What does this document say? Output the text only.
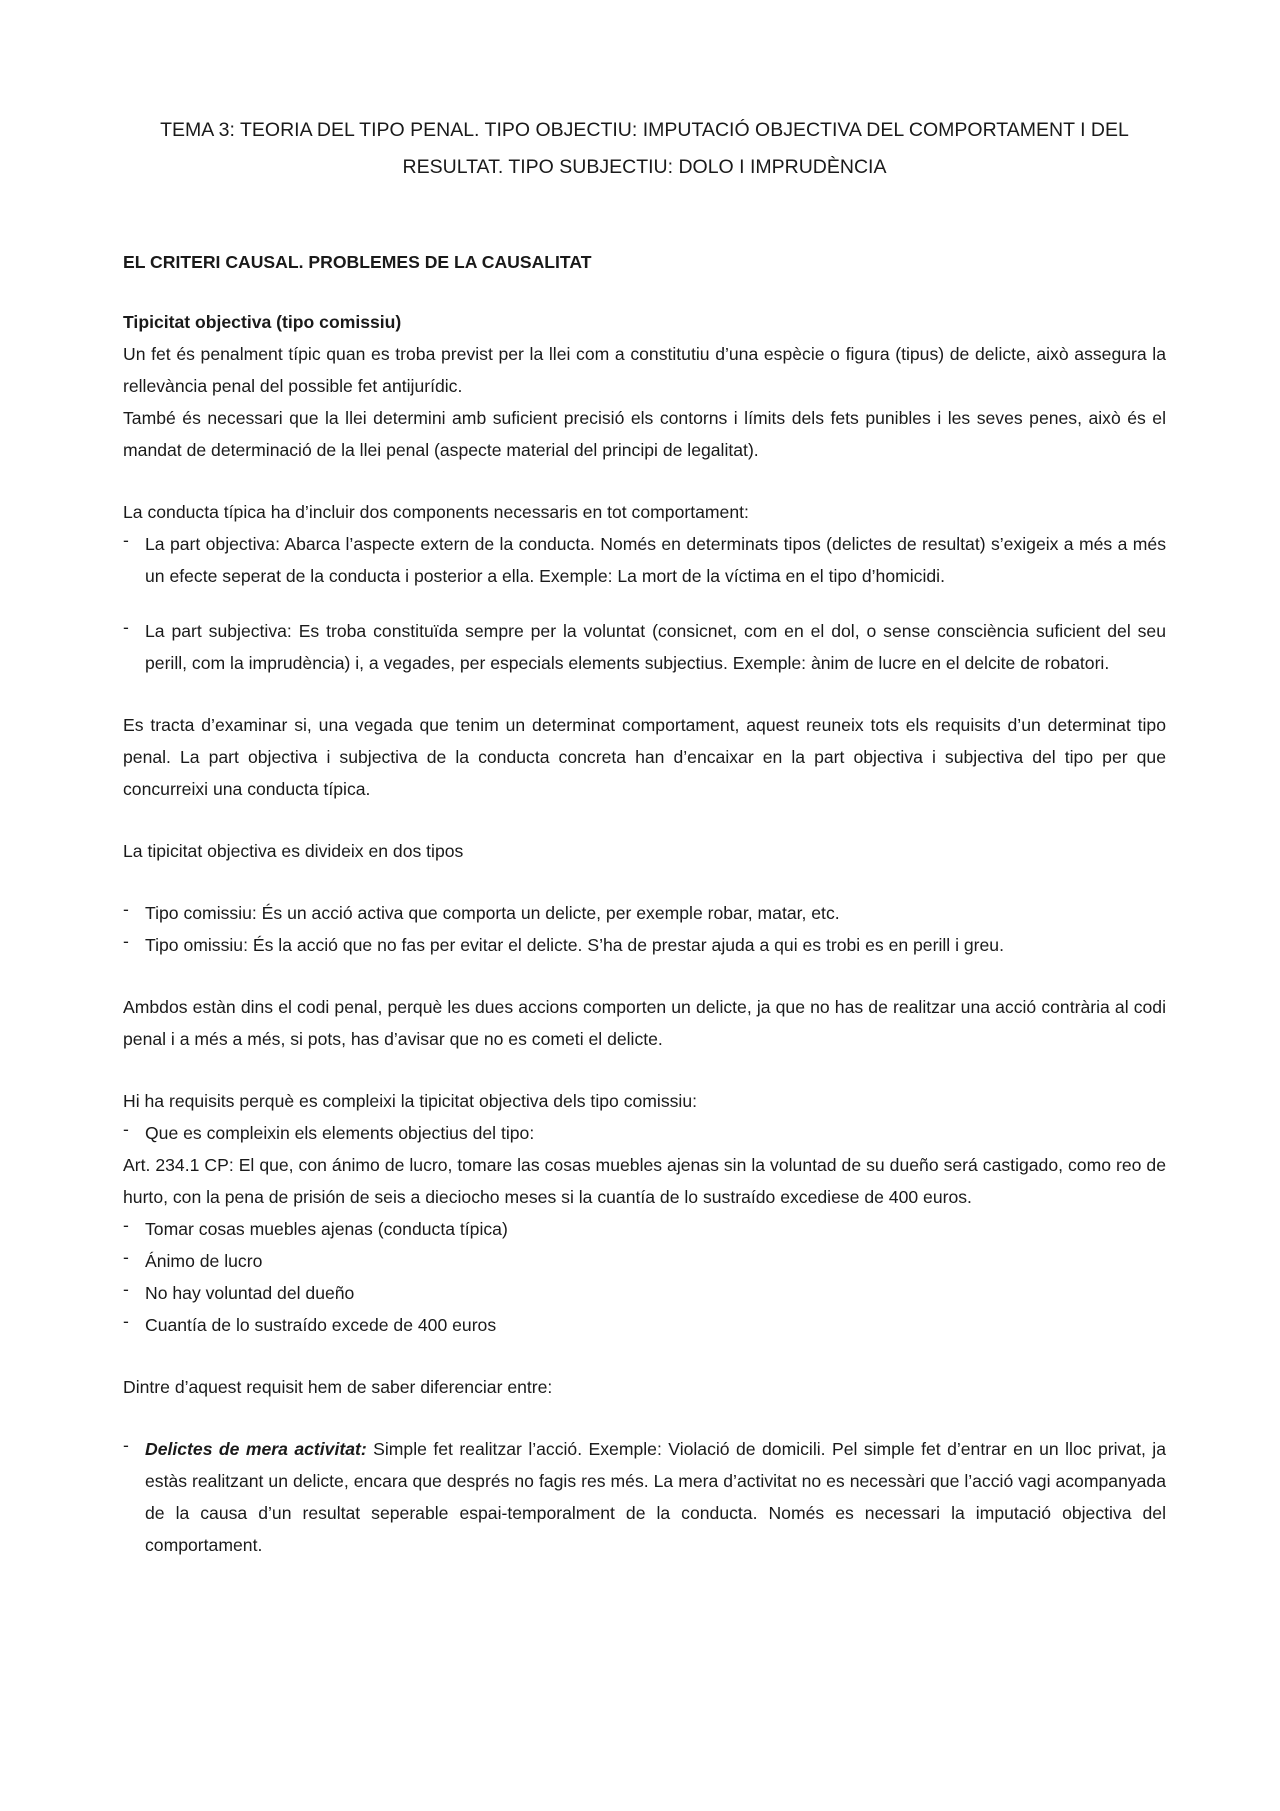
TEMA 3: TEORIA DEL TIPO PENAL. TIPO OBJECTIU: IMPUTACIÓ OBJECTIVA DEL COMPORTAMENT I DEL RESULTAT. TIPO SUBJECTIU: DOLO I IMPRUDÈNCIA
EL CRITERI CAUSAL. PROBLEMES DE LA CAUSALITAT
Tipicitat objectiva (tipo comissiu)

Un fet és penalment típic quan es troba previst per la llei com a constitutiu d’una espècie o figura (tipus) de delicte, això assegura la rellevància penal del possible fet antijurídic.

També és necessari que la llei determini amb suficient precisió els contorns i límits dels fets punibles i les seves penes, això és el mandat de determinació de la llei penal (aspecte material del principi de legalitat).

La conducta típica ha d’incluir dos components necessaris en tot comportament:

- La part objectiva: Abarca l’aspecte extern de la conducta. Només en determinats tipos (delictes de resultat) s’exigeix a més a més un efecte seperat de la conducta i posterior a ella. Exemple: La mort de la víctima en el tipo d’homicidi.
- La part subjectiva: Es troba constituïda sempre per la voluntat (consicnet, com en el dol, o sense consciència suficient del seu perill, com la imprudència) i, a vegades, per especials elements subjectius. Exemple: ànim de lucre en el delcite de robatori.

Es tracta d’examinar si, una vegada que tenim un determinat comportament, aquest reuneix tots els requisits d’un determinat tipo penal. La part objectiva i subjectiva de la conducta concreta han d’encaixar en la part objectiva i subjectiva del tipo per que concurreixi una conducta típica.

La tipicitat objectiva es divideix en dos tipos

- Tipo comissiu: És un acció activa que comporta un delicte, per exemple robar, matar, etc.
- Tipo omissiu: És la acció que no fas per evitar el delicte. S’ha de prestar ajuda a qui es trobi es en perill i greu.

Ambdos estàn dins el codi penal, perquè les dues accions comporten un delicte, ja que no has de realitzar una acció contrària al codi penal i a més a més, si pots, has d’avisar que no es cometi el delicte.

Hi ha requisits perquè es compleixi la tipicitat objectiva dels tipo comissiu:

- Que es compleixin els elements objectius del tipo:

Art. 234.1 CP: El que, con ánimo de lucro, tomare las cosas muebles ajenas sin la voluntad de su dueño será castigado, como reo de hurto, con la pena de prisión de seis a dieciocho meses si la cuantía de lo sustraído excediese de 400 euros.

- Tomar cosas muebles ajenas (conducta típica)
- Ánimo de lucro
- No hay voluntad del dueño
- Cuantía de lo sustraído excede de 400 euros

Dintre d’aquest requisit hem de saber diferenciar entre:

- Delictes de mera activitat: Simple fet realitzar l’acció. Exemple: Violació de domicili. Pel simple fet d’entrar en un lloc privat, ja estàs realitzant un delicte, encara que després no fagis res més. La mera d’activitat no es necessàri que l’acció vagi acompanyada de la causa d’un resultat seperable espai-temporalment de la conducta. Només es necessari la imputació objectiva del comportament.
